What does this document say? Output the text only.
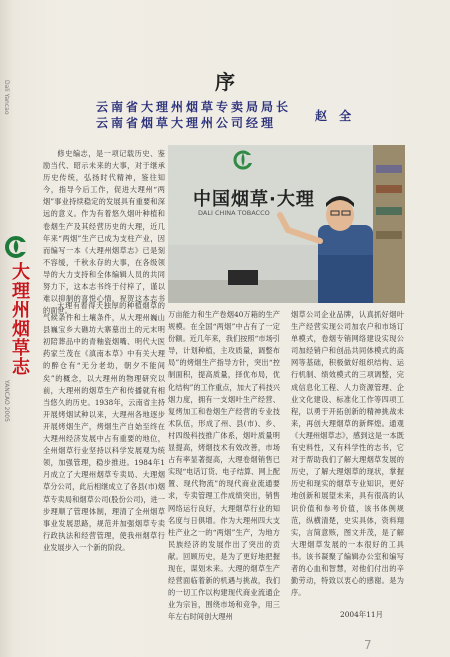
Dali Yancao
YANCAO 2005
大理州烟草志
序
云南省大理州烟草专卖局局长
云南省烟草大理州公司经理	赵 全
中国烟草·大理
DALI CHINA TOBACCO

修史编志，是一项记载历史、鉴励当代、昭示未来的大事，对于继承历史传统，弘扬时代精神，鉴往知今，指导今后工作，促进大理州“两烟”事业持续稳定的发展具有重要和深远的意义。作为有着悠久烟叶种植和卷烟生产及其经营历史的大理，近几年来“两烟”生产已成为支柱产业，因而编写一本《大理州烟草志》已是刻不容缓，千秋永存的大事，在各级领导的大力支持和全体编辑人员的共同努力下，这本志书终于付梓了，谨以难以抑制的喜悦心情，祝贺这本志书的面世。

大理有着得天独厚的种植烟草的气候条件和土壤条件，从大理州巍山县巍宝乡大礁坊大寨墓出土的元末明初陪葬品中的青釉瓷烟嘴、明代大医药家兰茂在《滇南本草》中有关大理的醉仓有“无分老幼，朝夕不能间矣”的概念，以大理州的物理研究以前，大理州的烟草生产和传播就有相当悠久的历史。1938年，云南省主持开展烤烟试种以来，大理州各地逐步开展烤烟生产，烤烟生产自始至终在大理州经济发展中占有重要的地位，全州烟草行业坚持以科学发展观为统领，加强管理，稳步推进。1984年1月成立了大理州烟草专卖局、大理烟草分公司，此后相继成立了各县(市)烟草专卖局和烟草公司(股份公司)，进一步理顺了管理体制，理清了全州烟草事业发展思路，规范并加强烟草专卖行政执法和经营管理，使我州烟草行业发展步入一个新的阶段。

万亩能力和生产卷烟40万箱的生产规模。在全国“两烟”中占有了一定份额。近几年来，我们按照“市场引导，计划种植，主攻质量，调整布局”的烤烟生产指导方针，突出“控制面积，提高质量，择优布局，优化结构”的工作重点，加大了科技兴烟力度，拥有一支烟叶生产经营、复烤加工和卷烟生产经营的专业技术队伍，形成了州、县(市)、乡、村四级科技推广体系，烟叶质量明显提高，烤烟技术有效改善，市场占有率显著提高，大理卷烟销售已实现“电话订货、电子结算、网上配置、现代物流”的现代商业流通要求，专卖管理工作成绩突出，销售网络运行良好，大理烟草行业的知名度与日俱增。作为大理州四大支柱产业之一的“两烟”生产，为地方民族经济的发展作出了突出的贡献。回顾历史，是为了更好地把握现在，谋划未来。大理的烟草生产经营面临着新的机遇与挑战，我们的一切工作以构建现代商业流通企业为宗旨，围绕市场和竞争，用三年左右时间创大理州

烟草公司企业品牌，认真抓好烟叶生产经营实现公司加农户和市场订单模式，卷烟专销网络建设实现公司加经销户和创品共同体模式的高网等基础，积极做好组织结构、运行机制、绩效模式的三项调整，完成信息化工程、人力资源管理、企业文化建设、标准化工作等四项工程，以勇于开拓创新的精神挑战未来，再创大理烟草的新辉煌。通观《大理州烟草志》，感到这是一本既有史料性，又有科学性的志书，它对于帮助我们了解大理烟草发展的历史，了解大理烟草的现状，掌握历史和现实的烟草专业知识，更好地创新和展望未来，具有很高的认识价值和参考价值，该书体例规范，纵横清楚，史实具体，资料翔实，言简意赅，图文并茂，是了解大理烟草发展的一本很好的工具书。该书凝聚了编辑办公室和编写者的心血和智慧，对他们付出的辛勤劳动，特致以衷心的感谢。是为序。

2004年11月
7
